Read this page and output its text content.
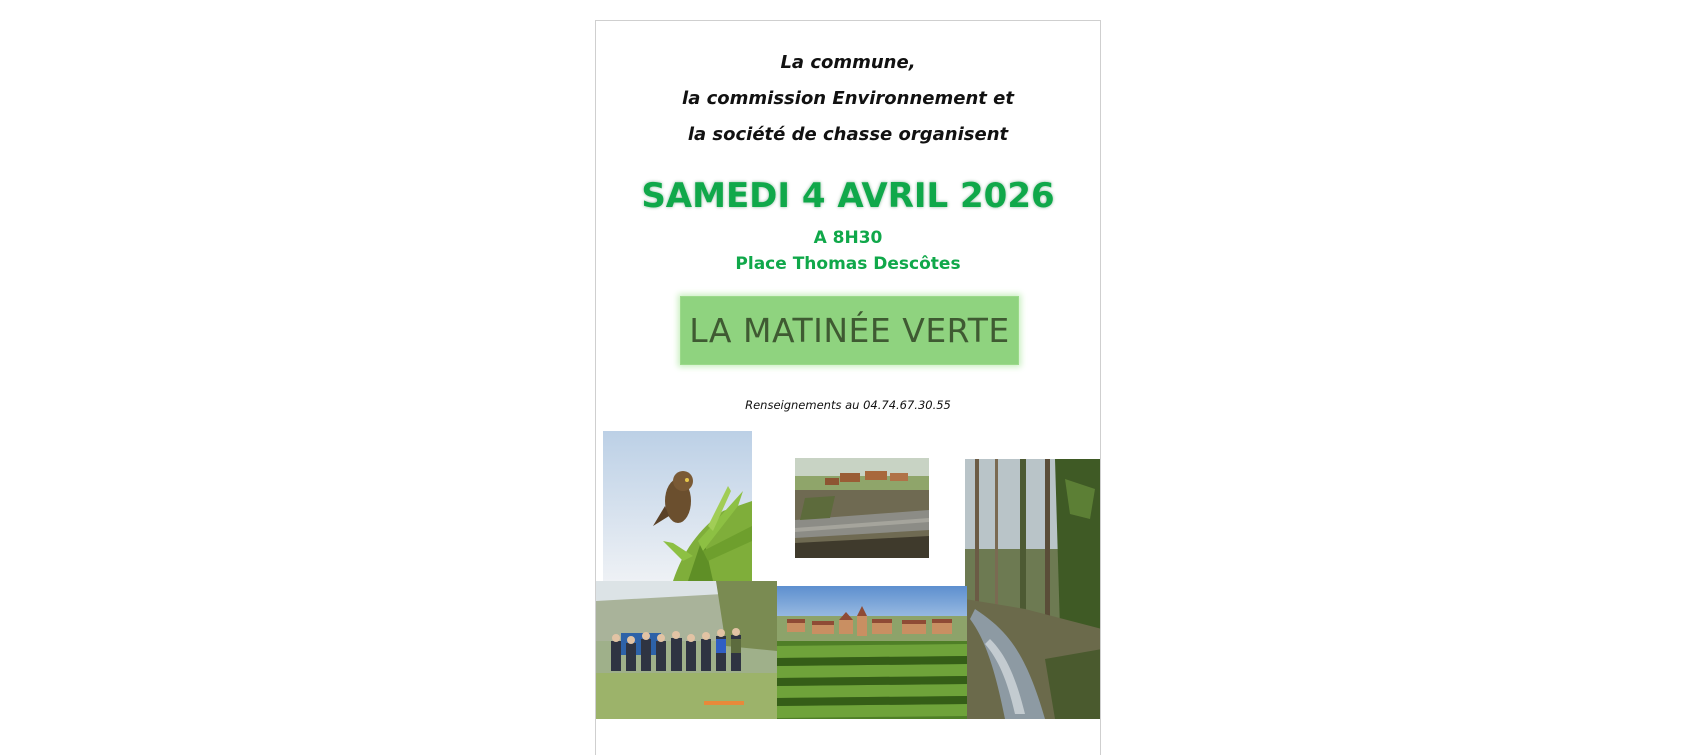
La commune,
la commission Environnement et
la société de chasse organisent
SAMEDI 4 AVRIL 2026
A 8H30
Place Thomas Descôtes
LA MATINÉE VERTE
Renseignements au 04.74.67.30.55
